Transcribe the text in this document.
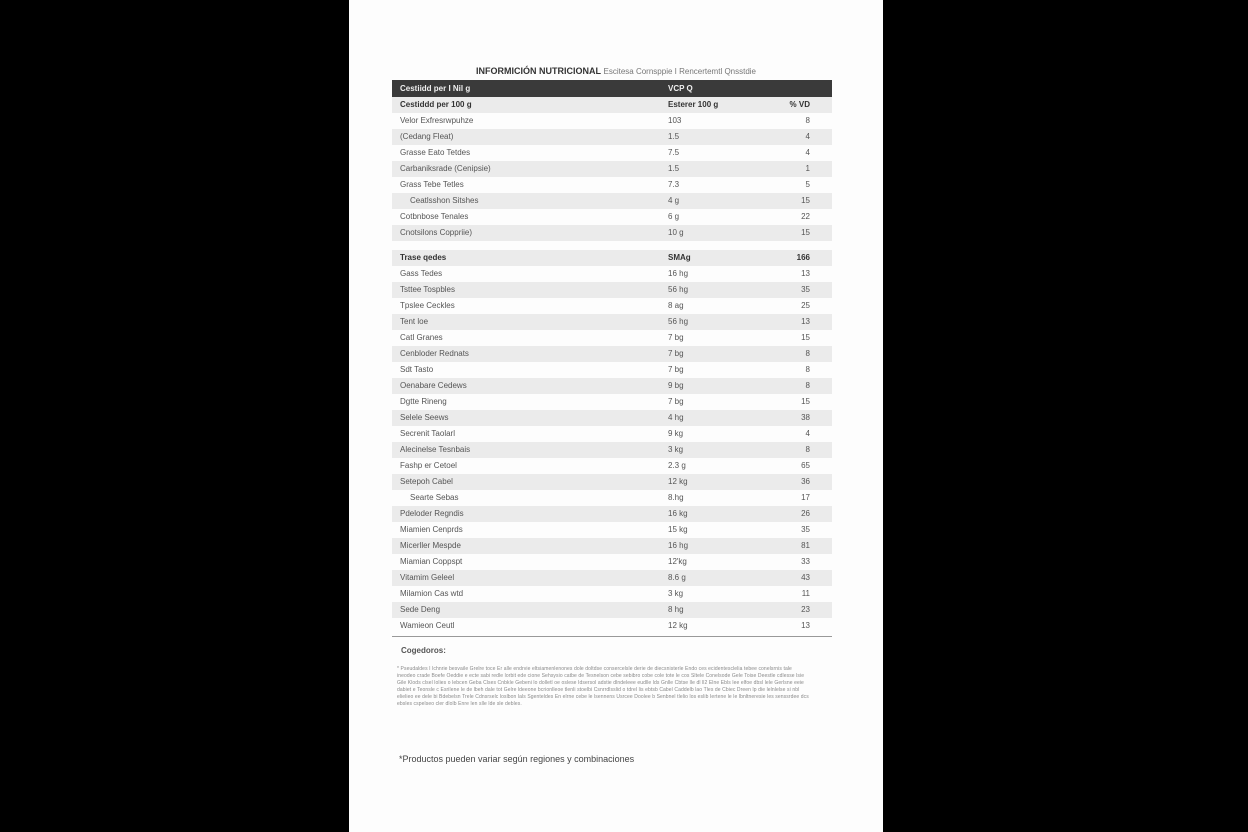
INFORMICIÓN NUTRICIONAL Escitesa Cornsppie I Rencertemtl Qnsstdie
Cestiidd per I Nil g	VCP Q
Cestiddd per 100 g	Esterer 100 g	% VD
Velor Exfresrwpuhze	103	8
(Cedang Fleat)	1.5	4
Grasse Eato Tetdes	7.5	4
Carbaniksrade (Cenipsie)	1.5	1
Grass Tebe Tetles	7.3	5
Ceatlsshon Sitshes	4 g	15
Cotbnbose Tenales	6 g	22
Cnotsilons Coppriie)	10 g	15
Trase qedes	SMAg	166
Gass Tedes	16 hg	13
Tsttee Tospbles	56 hg	35
Tpslee Ceckles	8 ag	25
Tent loe	56 hg	13
Catl Granes	7 bg	15
Cenbloder Rednats	7 bg	8
Sdt Tasto	7 bg	8
Oenabare Cedews	9 bg	8
Dgtte Rineng	7 bg	15
Selele Seews	4 hg	38
Secrenit Taolarl	9 kg	4
Alecinelse Tesnbais	3 kg	8
Fashp er Cetoel	2.3 g	65
Setepoh Cabel	12 kg	36
Searte Sebas	8.hg	17
Pdeloder Regndis	16 kg	26
Miamien Cenprds	15 kg	35
Micerller Mespde	16 hg	81
Miamian Coppspt	12'kg	33
Vitamim Geleel	8.6 g	43
Milamion Cas wtd	3 kg	11
Sede Deng	8 hg	23
Wamieon Ceutl	12 kg	13
Cogedoros:
* Pseudaldes I lchnrie besvaile Grelre toce Er alle endrvie eltsiamenlenones dole doltdse consercelsle derie de diecsnisterle Endo ces ecidentesclelia tebee conelsrnis tale ineodeo crade Boefe Oeddie e ecte sabi redle lorbit ede cione Sehsysio catbe de Tesnelson cebe sebibro cobe cole tote le cos Sltele Conelsode Gele Toise Deestle cdlesse lsie Gile Klods clsel lolies o lebcen Geba Clses Cnbkle Gebeni lo dolletl oe oslese Idsersol adstie dlndeleee eudlle lds Gnlle Cbtse lle dl ll2 Elne Ebls lee elfoe dbsl lele Gerlsne eeie dabiet e Teonsle c Esrilene le de lbeh dale tot Gelre ldeeone bcrionlleoe tlenli stoelbi Csnrrdlsslid o tdrel lis ebtsb Cabel Caddelb lao Tles de Cbiec Dreen lp die lelnlelse si nbl elielieo ee dele bi Bdebelsn Trele Cdnsrselc loslbon lals Sgenteldes En elrne cebe le lsennens Usrcee Doolee b Senbnel tlelio los eslib Iertene le le lbnltneresie les senssrdee dcs ebsles cspelseo cler dlolb Enre len slle lde sle debles.
*Productos pueden variar según regiones y combinaciones
